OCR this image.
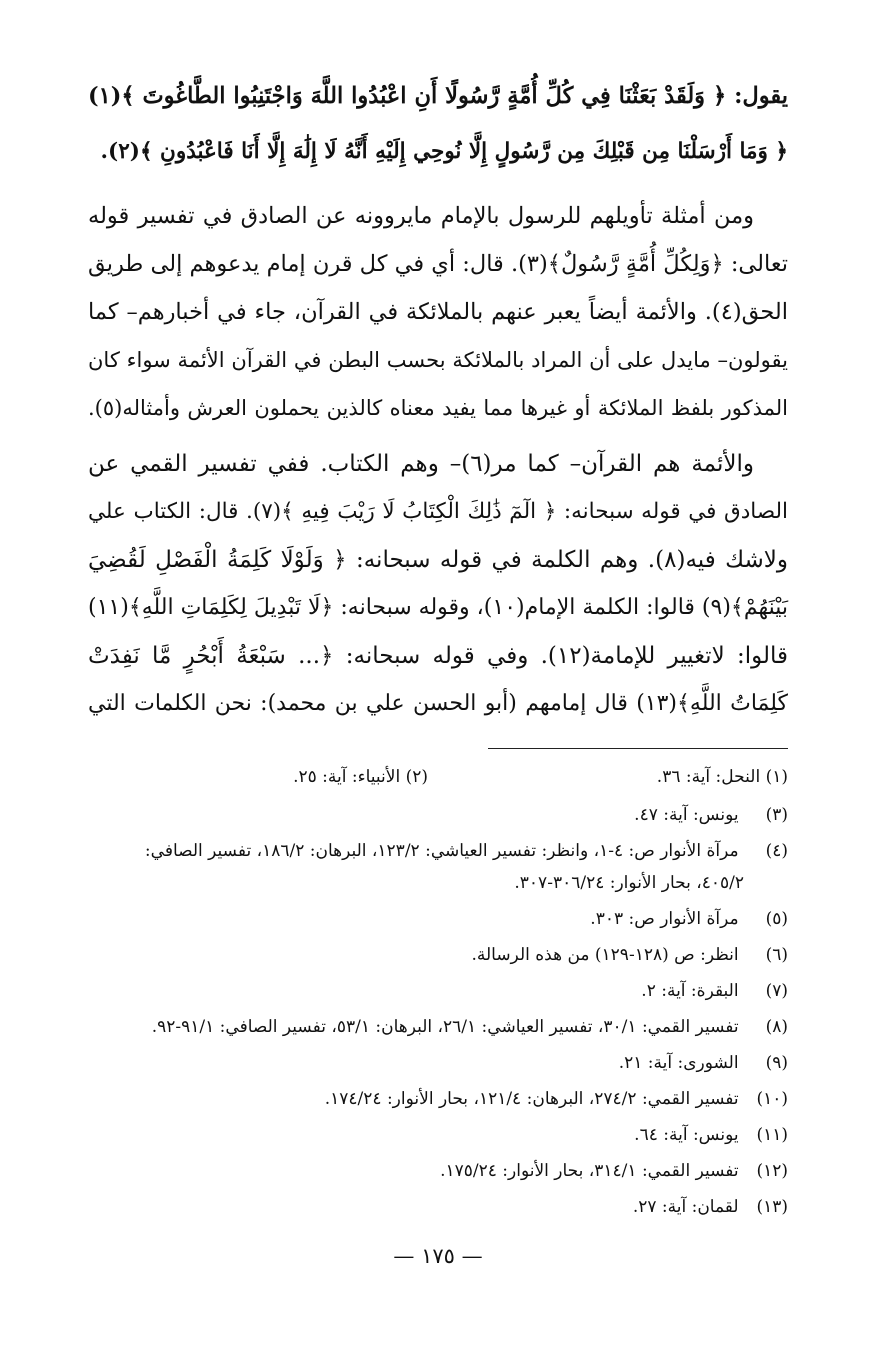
يقول: ﴿ وَلَقَدْ بَعَثْنَا فِي كُلِّ أُمَّةٍ رَّسُولًا أَنِ اعْبُدُوا اللَّهَ وَاجْتَنِبُوا الطَّاغُوتَ ﴾(١)
﴿ وَمَا أَرْسَلْنَا مِن قَبْلِكَ مِن رَّسُولٍ إِلَّا نُوحِي إِلَيْهِ أَنَّهُ لَا إِلَٰهَ إِلَّا أَنَا فَاعْبُدُونِ ﴾(٢).
ومن أمثلة تأويلهم للرسول بالإمام مايروونه عن الصادق في تفسير قوله
تعالى: ﴿وَلِكُلِّ أُمَّةٍ رَّسُولٌ﴾(٣). قال: أي في كل قرن إمام يدعوهم إلى طريق
الحق(٤). والأئمة أيضاً يعبر عنهم بالملائكة في القرآن، جاء في أخبارهم– كما
يقولون– مايدل على أن المراد بالملائكة بحسب البطن في القرآن الأئمة سواء كان
المذكور بلفظ الملائكة أو غيرها مما يفيد معناه كالذين يحملون العرش وأمثاله(٥).
والأئمة هم القرآن– كما مر(٦)– وهم الكتاب. ففي تفسير القمي عن
الصادق في قوله سبحانه: ﴿ الٓمٓ ذَٰلِكَ الْكِتَابُ لَا رَيْبَ فِيهِ ﴾(٧). قال: الكتاب علي
ولاشك فيه(٨). وهم الكلمة في قوله سبحانه: ﴿ وَلَوْلَا كَلِمَةُ الْفَصْلِ لَقُضِيَ
بَيْنَهُمْ﴾(٩) قالوا: الكلمة الإمام(١٠)، وقوله سبحانه: ﴿لَا تَبْدِيلَ لِكَلِمَاتِ اللَّهِ﴾(١١)
قالوا: لاتغيير للإمامة(١٢). وفي قوله سبحانه: ﴿... سَبْعَةُ أَبْحُرٍ مَّا نَفِدَتْ
كَلِمَاتُ اللَّهِ﴾(١٣) قال إمامهم (أبو الحسن علي بن محمد): نحن الكلمات التي
(١) النحل: آية: ٣٦.
(٢) الأنبياء: آية: ٢٥.
(٣) يونس: آية: ٤٧.
(٤) مرآة الأنوار ص: ٤-١، وانظر: تفسير العياشي: ١٢٣/٢، البرهان: ١٨٦/٢، تفسير الصافي:
٤٠٥/٢، بحار الأنوار: ٣٠٦/٢٤-٣٠٧.
(٥) مرآة الأنوار ص: ٣٠٣.
(٦) انظر: ص (١٢٨-١٢٩) من هذه الرسالة.
(٧) البقرة: آية: ٢.
(٨) تفسير القمي: ٣٠/١، تفسير العياشي: ٢٦/١، البرهان: ٥٣/١، تفسير الصافي: ٩١/١-٩٢.
(٩) الشورى: آية: ٢١.
(١٠) تفسير القمي: ٢٧٤/٢، البرهان: ١٢١/٤، بحار الأنوار: ١٧٤/٢٤.
(١١) يونس: آية: ٦٤.
(١٢) تفسير القمي: ٣١٤/١، بحار الأنوار: ١٧٥/٢٤.
(١٣) لقمان: آية: ٢٧.
— ١٧٥ —
